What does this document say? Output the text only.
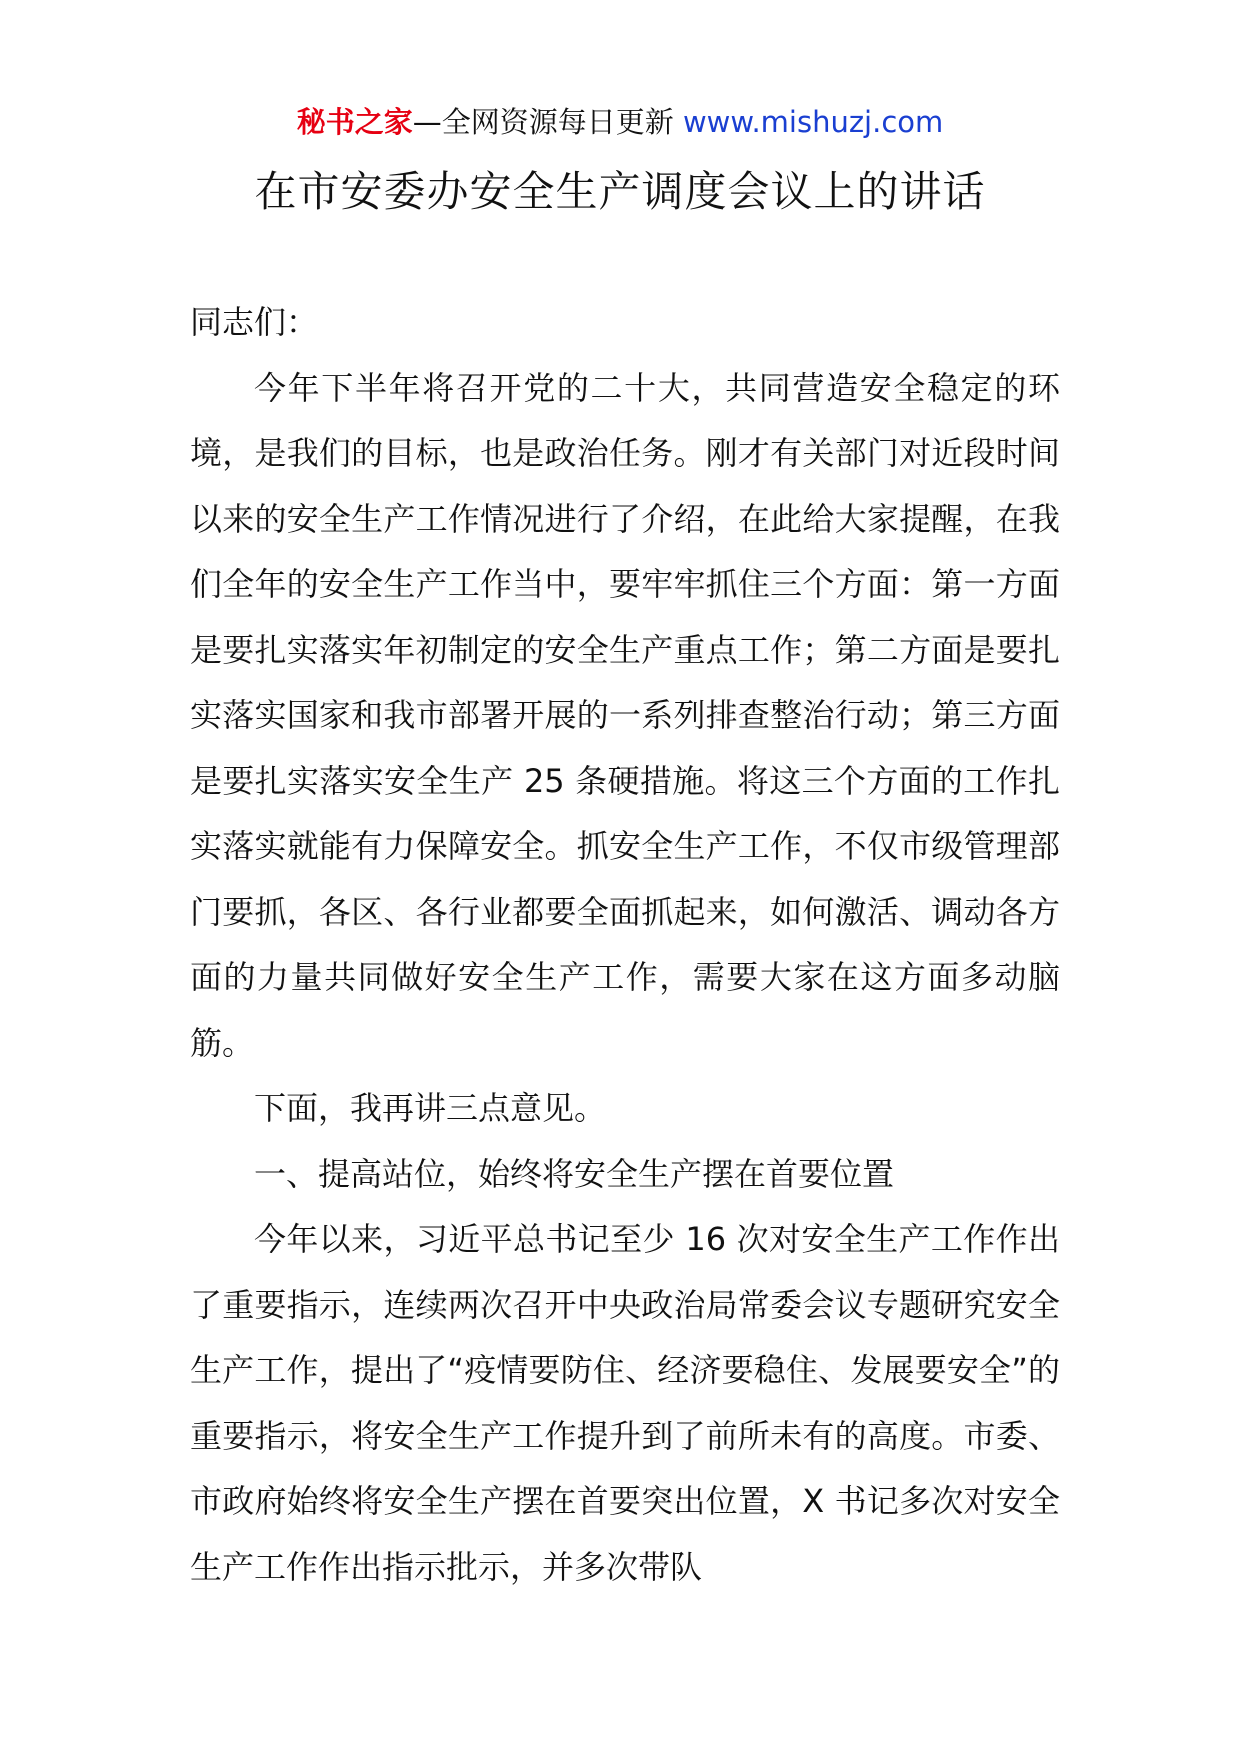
秘书之家—全网资源每日更新 www.mishuzj.com
在市安委办安全生产调度会议上的讲话

同志们：

今年下半年将召开党的二十大，共同营造安全稳定的环境，是我们的目标，也是政治任务。刚才有关部门对近段时间以来的安全生产工作情况进行了介绍，在此给大家提醒，在我们全年的安全生产工作当中，要牢牢抓住三个方面：第一方面是要扎实落实年初制定的安全生产重点工作；第二方面是要扎实落实国家和我市部署开展的一系列排查整治行动；第三方面是要扎实落实安全生产 25 条硬措施。将这三个方面的工作扎实落实就能有力保障安全。抓安全生产工作，不仅市级管理部门要抓，各区、各行业都要全面抓起来，如何激活、调动各方面的力量共同做好安全生产工作，需要大家在这方面多动脑筋。

下面，我再讲三点意见。

一、提高站位，始终将安全生产摆在首要位置

今年以来，习近平总书记至少 16 次对安全生产工作作出了重要指示，连续两次召开中央政治局常委会议专题研究安全生产工作，提出了“疫情要防住、经济要稳住、发展要安全”的重要指示，将安全生产工作提升到了前所未有的高度。市委、市政府始终将安全生产摆在首要突出位置，X 书记多次对安全生产工作作出指示批示，并多次带队
